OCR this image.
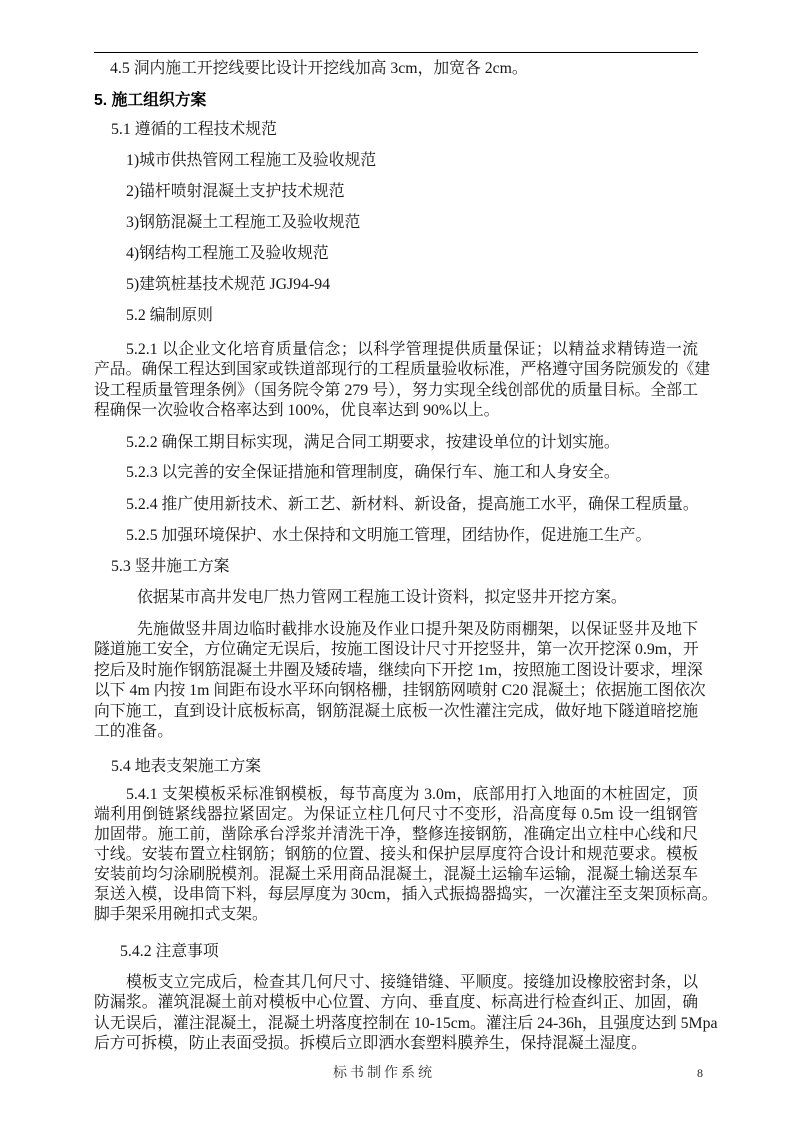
4.5 洞内施工开挖线要比设计开挖线加高 3cm，加宽各 2cm。
5. 施工组织方案
5.1 遵循的工程技术规范
1)城市供热管网工程施工及验收规范
2)锚杆喷射混凝土支护技术规范
3)钢筋混凝土工程施工及验收规范
4)钢结构工程施工及验收规范
5)建筑桩基技术规范 JGJ94-94
5.2 编制原则
5.2.1 以企业文化培育质量信念；以科学管理提供质量保证；以精益求精铸造一流
产品。确保工程达到国家或铁道部现行的工程质量验收标准，严格遵守国务院颁发的《建
设工程质量管理条例》（国务院令第 279 号），努力实现全线创部优的质量目标。全部工
程确保一次验收合格率达到 100%，优良率达到 90%以上。
5.2.2 确保工期目标实现，满足合同工期要求，按建设单位的计划实施。
5.2.3 以完善的安全保证措施和管理制度，确保行车、施工和人身安全。
5.2.4 推广使用新技术、新工艺、新材料、新设备，提高施工水平，确保工程质量。
5.2.5 加强环境保护、水土保持和文明施工管理，团结协作，促进施工生产。
5.3 竖井施工方案
依据某市高井发电厂热力管网工程施工设计资料，拟定竖井开挖方案。
先施做竖井周边临时截排水设施及作业口提升架及防雨棚架，以保证竖井及地下
隧道施工安全，方位确定无误后，按施工图设计尺寸开挖竖井，第一次开挖深 0.9m，开
挖后及时施作钢筋混凝土井圈及矮砖墙，继续向下开挖 1m，按照施工图设计要求，埋深
以下 4m 内按 1m 间距布设水平环向钢格栅，挂钢筋网喷射 C20 混凝土；依据施工图依次
向下施工，直到设计底板标高，钢筋混凝土底板一次性灌注完成，做好地下隧道暗挖施
工的准备。
5.4 地表支架施工方案
5.4.1 支架模板采标准钢模板，每节高度为 3.0m，底部用打入地面的木桩固定，顶
端利用倒链紧线器拉紧固定。为保证立柱几何尺寸不变形，沿高度每 0.5m 设一组钢管
加固带。施工前，凿除承台浮浆并清洗干净，整修连接钢筋，准确定出立柱中心线和尺
寸线。安装布置立柱钢筋；钢筋的位置、接头和保护层厚度符合设计和规范要求。模板
安装前均匀涂刷脱模剂。混凝土采用商品混凝土，混凝土运输车运输，混凝土输送泵车
泵送入模，设串筒下料，每层厚度为 30cm，插入式振捣器捣实，一次灌注至支架顶标高。
脚手架采用碗扣式支架。
5.4.2 注意事项
模板支立完成后，检查其几何尺寸、接缝错缝、平顺度。接缝加设橡胶密封条，以
防漏浆。灌筑混凝土前对模板中心位置、方向、垂直度、标高进行检查纠正、加固，确
认无误后，灌注混凝土，混凝土坍落度控制在 10-15cm。灌注后 24-36h，且强度达到 5Mpa
后方可拆模，防止表面受损。拆模后立即洒水套塑料膜养生，保持混凝土湿度。
标书制作系统	8
